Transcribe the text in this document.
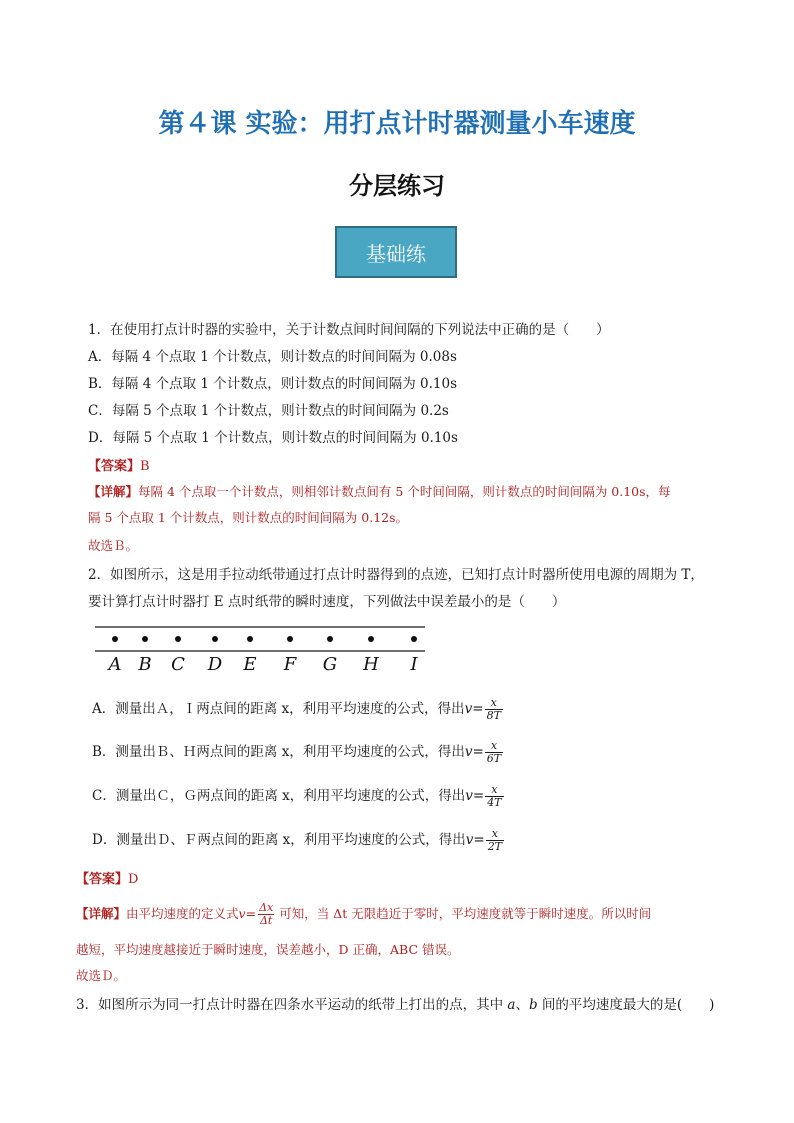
第４课 实验：用打点计时器测量小车速度
分层练习
基础练
1．在使用打点计时器的实验中，关于计数点间时间间隔的下列说法中正确的是（　　）
A．每隔 4 个点取 1 个计数点，则计数点的时间间隔为 0.08s
B．每隔 4 个点取 1 个计数点，则计数点的时间间隔为 0.10s
C．每隔 5 个点取 1 个计数点，则计数点的时间间隔为 0.2s
D．每隔 5 个点取 1 个计数点，则计数点的时间间隔为 0.10s
【答案】B
【详解】每隔 4 个点取一个计数点，则相邻计数点间有 5 个时间间隔，则计数点的时间间隔为 0.10s，每
隔 5 个点取 1 个计数点，则计数点的时间间隔为 0.12s。
故选Ｂ。
2．如图所示，这是用手拉动纸带通过打点计时器得到的点迹，已知打点计时器所使用电源的周期为 T，
要计算打点计时器打 E 点时纸带的瞬时速度，下列做法中误差最小的是（　　）
A B C D E F G H I
A．测量出Ａ，Ｉ两点间的距离 x，利用平均速度的公式，得出$v= \frac{x}{8T}$
B．测量出Ｂ、Ｈ两点间的距离 x，利用平均速度的公式，得出$v= \frac{x}{6T}$
C．测量出Ｃ，Ｇ两点间的距离 x，利用平均速度的公式，得出$v= \frac{x}{4T}$
D．测量出Ｄ、Ｆ两点间的距离 x，利用平均速度的公式，得出$v= \frac{x}{2T}$
【答案】D
【详解】由平均速度的定义式$v= \frac{\Delta x}{\Delta t}$ 可知，当 Δt 无限趋近于零时，平均速度就等于瞬时速度。所以时间
越短，平均速度越接近于瞬时速度，误差越小，D 正确，ABC 错误。
故选Ｄ。
3．如图所示为同一打点计时器在四条水平运动的纸带上打出的点，其中 a、b 间的平均速度最大的是(　　)
